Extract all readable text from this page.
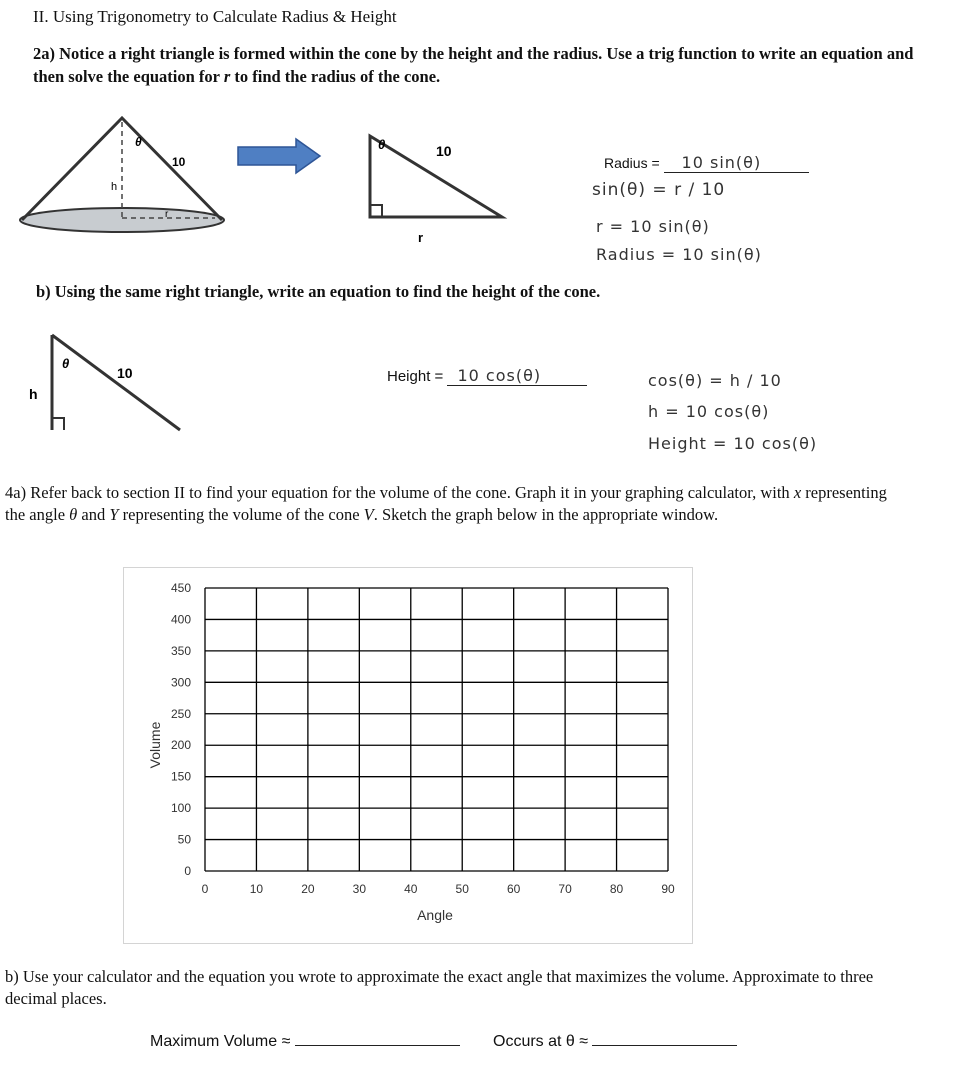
II. Using Trigonometry to Calculate Radius & Height
2a) Notice a right triangle is formed within the cone by the height and the radius. Use a trig function to write an equation and then solve the equation for r to find the radius of the cone.
θ
10
h
r
θ	10
r
Radius = 10 sin(θ)
sin(θ) = r / 10
r = 10 sin(θ)
Radius = 10 sin(θ)
b) Using the same right triangle, write an equation to find the height of the cone.
θ
10
h
Height = 10 cos(θ)	cos(θ) = h / 10
h = 10 cos(θ)
Height = 10 cos(θ)
4a) Refer back to section II to find your equation for the volume of the cone. Graph it in your graphing calculator, with x representing the angle θ and Y representing the volume of the cone V. Sketch the graph below in the appropriate window.
0	10	20	30	40	50	60	70	80	90
0
50
100
150
200
250
300
350
400
450
Angle
Volume
b) Use your calculator and the equation you wrote to approximate the exact angle that maximizes the volume. Approximate to three decimal places.
Maximum Volume ≈	Occurs at θ ≈
